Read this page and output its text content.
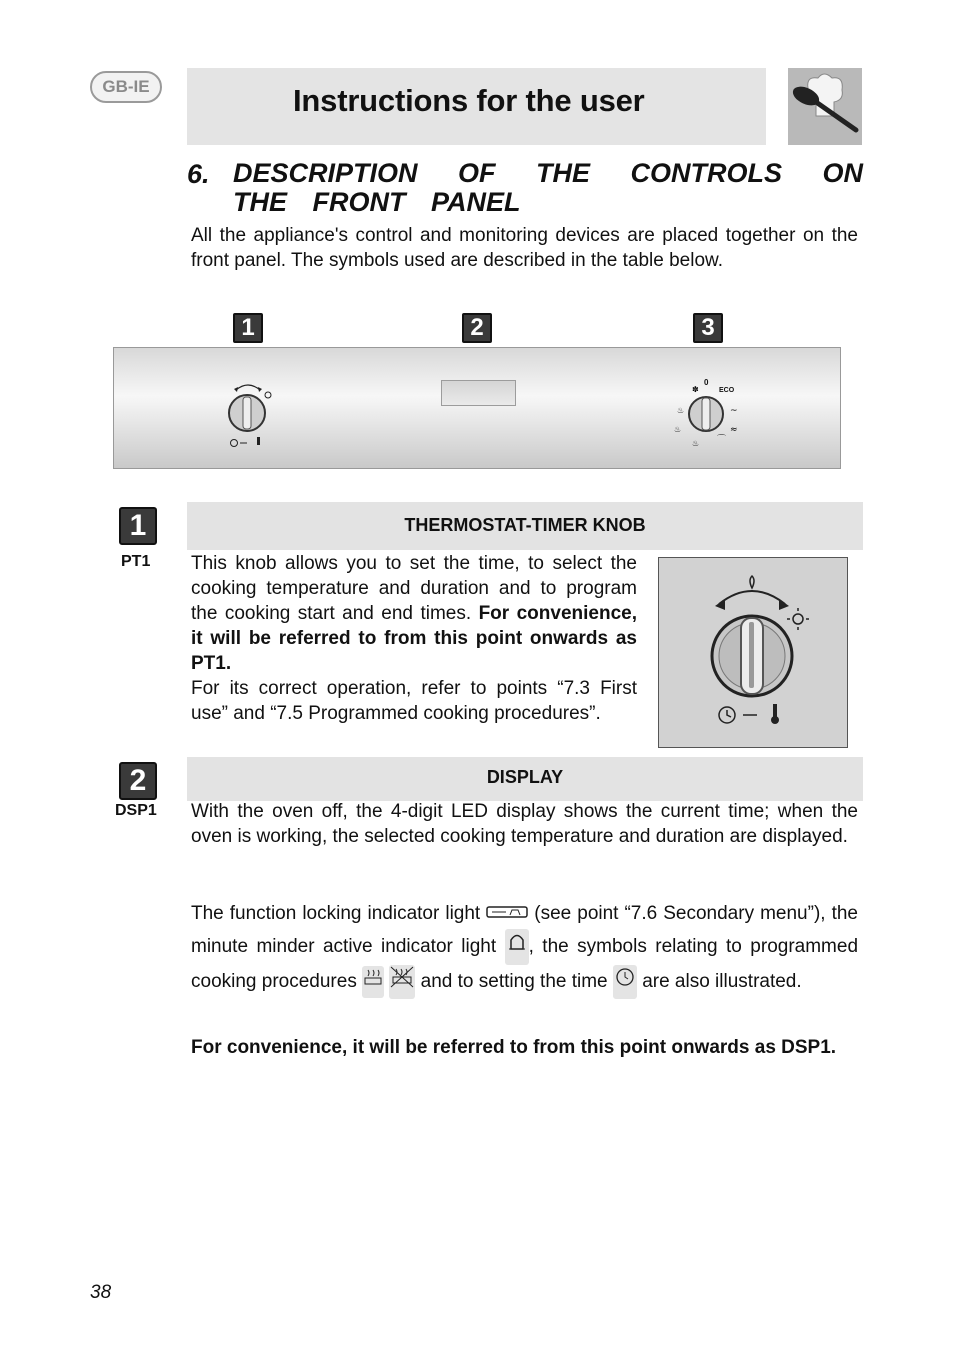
GB-IE	Instructions for the user
6. DESCRIPTION OF THE CONTROLS ON THE FRONT PANEL
All the appliance's control and monitoring devices are placed together on the front panel. The symbols used are described in the table below.
1	2	3
✽
♨
♨
♨
~
≈
⌒
0
ECO
1
PT1
THERMOSTAT-TIMER KNOB
This knob allows you to set the time, to select the cooking temperature and duration and to program the cooking start and end times. For convenience, it will be referred to from this point onwards as PT1.
For its correct operation, refer to points “7.3 First use” and “7.5 Programmed cooking procedures”.
2
DSP1
DISPLAY
With the oven off, the 4-digit LED display shows the current time; when the oven is working, the selected cooking temperature and duration are displayed.
The function locking indicator light	(see point “7.6 Secondary menu”), the minute minder active indicator light , the symbols relating to programmed cooking procedures	and to setting the time are also illustrated.
For convenience, it will be referred to from this point onwards as DSP1.
38
